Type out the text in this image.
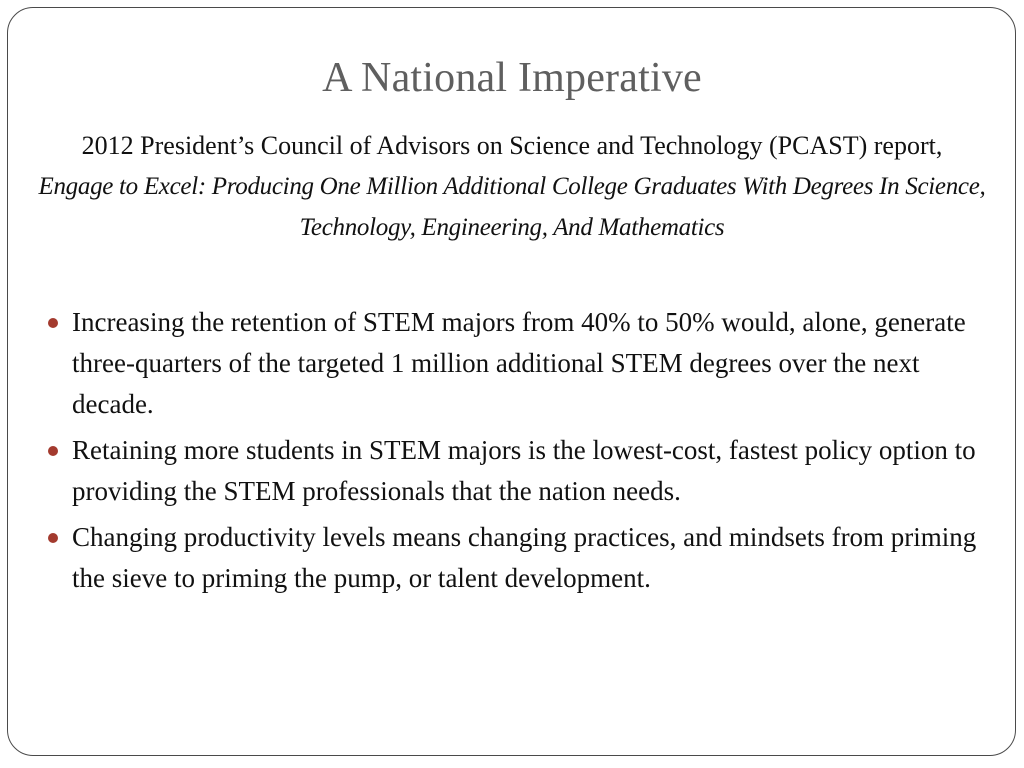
A National Imperative
2012 President’s Council of Advisors on Science and Technology (PCAST) report,
Engage to Excel: Producing One Million Additional College Graduates With Degrees In Science, Technology, Engineering, And Mathematics
Increasing the retention of STEM majors from 40% to 50% would, alone, generate three-quarters of the targeted 1 million additional STEM degrees over the next decade.
Retaining more students in STEM majors is the lowest-cost, fastest policy option to providing the STEM professionals that the nation needs.
Changing productivity levels means changing practices, and mindsets from priming the sieve to priming the pump, or talent development.
